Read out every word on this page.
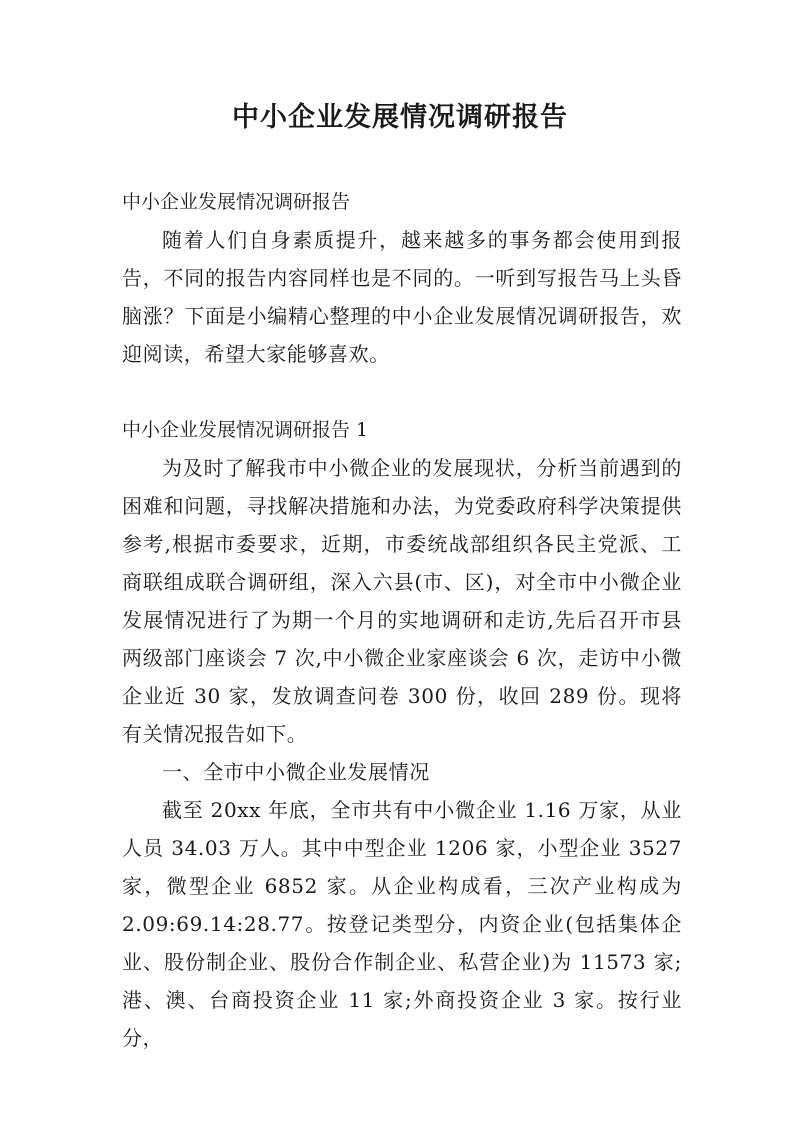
中小企业发展情况调研报告
中小企业发展情况调研报告
随着人们自身素质提升，越来越多的事务都会使用到报告，不同的报告内容同样也是不同的。一听到写报告马上头昏脑涨？下面是小编精心整理的中小企业发展情况调研报告，欢迎阅读，希望大家能够喜欢。
中小企业发展情况调研报告 1
为及时了解我市中小微企业的发展现状，分析当前遇到的困难和问题，寻找解决措施和办法，为党委政府科学决策提供参考,根据市委要求，近期，市委统战部组织各民主党派、工商联组成联合调研组，深入六县(市、区)，对全市中小微企业发展情况进行了为期一个月的实地调研和走访,先后召开市县两级部门座谈会 7 次,中小微企业家座谈会 6 次，走访中小微企业近 30 家，发放调查问卷 300 份，收回 289 份。现将有关情况报告如下。
一、全市中小微企业发展情况
截至 20xx 年底，全市共有中小微企业 1.16 万家，从业人员 34.03 万人。其中中型企业 1206 家，小型企业 3527 家，微型企业 6852 家。从企业构成看，三次产业构成为 2.09:69.14:28.77。按登记类型分，内资企业(包括集体企业、股份制企业、股份合作制企业、私营企业)为 11573 家;港、澳、台商投资企业 11 家;外商投资企业 3 家。按行业分，
